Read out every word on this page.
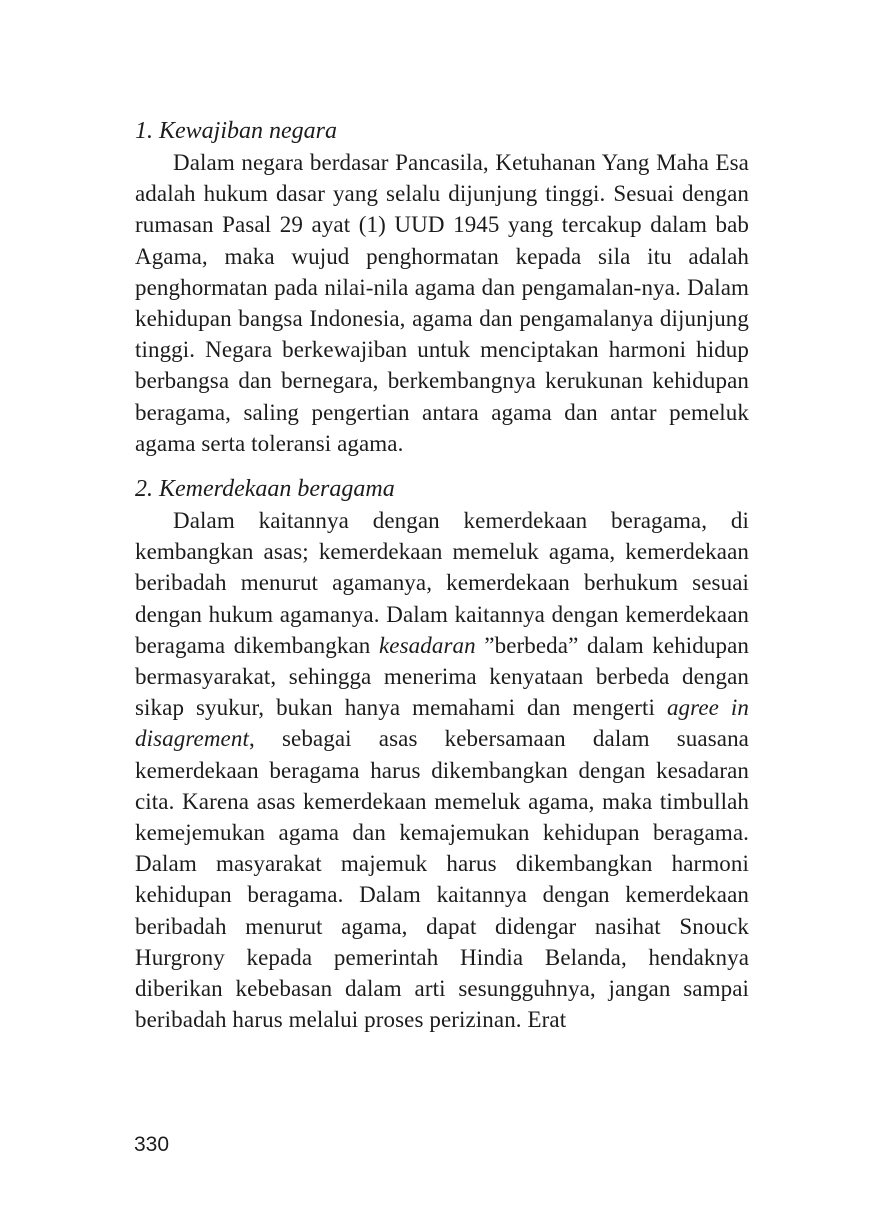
1. Kewajiban negara

Dalam negara berdasar Pancasila, Ketuhanan Yang Maha Esa adalah hukum dasar yang selalu dijunjung tinggi. Sesuai dengan rumasan Pasal 29 ayat (1) UUD 1945 yang tercakup dalam bab Agama, maka wujud penghormatan kepada sila itu adalah penghormatan pada nilai-nila agama dan pengamalan-nya. Dalam kehidupan bangsa Indonesia, agama dan pengamalanya dijunjung tinggi. Negara berkewajiban untuk menciptakan harmoni hidup berbangsa dan bernegara, berkembangnya kerukunan kehidupan beragama, saling pengertian antara agama dan antar pemeluk agama serta toleransi agama.

2. Kemerdekaan beragama

Dalam kaitannya dengan kemerdekaan beragama, di kembangkan asas; kemerdekaan memeluk agama, kemerdekaan beribadah menurut agamanya, kemerdekaan berhukum sesuai dengan hukum agamanya. Dalam kaitannya dengan kemerdekaan beragama dikembangkan kesadaran ”berbeda” dalam kehidupan bermasyarakat, sehingga menerima kenyataan berbeda dengan sikap syukur, bukan hanya memahami dan mengerti agree in disagrement, sebagai asas kebersamaan dalam suasana kemerdekaan beragama harus dikembangkan dengan kesadaran cita. Karena asas kemerdekaan memeluk agama, maka timbullah kemejemukan agama dan kemajemukan kehidupan beragama. Dalam masyarakat majemuk harus dikembangkan harmoni kehidupan beragama. Dalam kaitannya dengan kemerdekaan beribadah menurut agama, dapat didengar nasihat Snouck Hurgrony kepada pemerintah Hindia Belanda, hendaknya diberikan kebebasan dalam arti sesungguhnya, jangan sampai beribadah harus melalui proses perizinan. Erat

330
